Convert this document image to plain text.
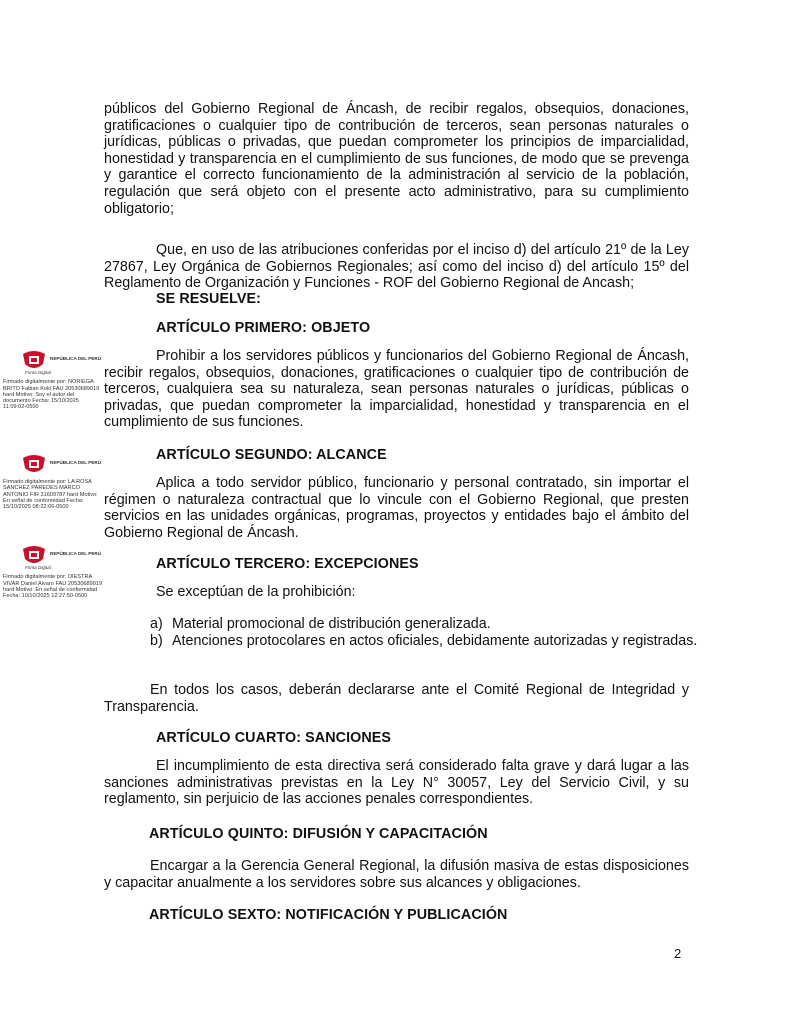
públicos del Gobierno Regional de Áncash, de recibir regalos, obsequios, donaciones, gratificaciones o cualquier tipo de contribución de terceros, sean personas naturales o jurídicas, públicas o privadas, que puedan comprometer los principios de imparcialidad, honestidad y transparencia en el cumplimiento de sus funciones, de modo que se prevenga y garantice el correcto funcionamiento de la administración al servicio de la población, regulación que será objeto con el presente acto administrativo, para su cumplimiento obligatorio;

Que, en uso de las atribuciones conferidas por el inciso d) del artículo 21º de la Ley 27867, Ley Orgánica de Gobiernos Regionales; así como del inciso d) del artículo 15º del Reglamento de Organización y Funciones - ROF del Gobierno Regional de Ancash;

SE RESUELVE:
ARTÍCULO PRIMERO: OBJETO

Prohibir a los servidores públicos y funcionarios del Gobierno Regional de Áncash, recibir regalos, obsequios, donaciones, gratificaciones o cualquier tipo de contribución de terceros, cualquiera sea su naturaleza, sean personas naturales o jurídicas, públicas o privadas, que puedan comprometer la imparcialidad, honestidad y transparencia en el cumplimiento de sus funciones.

ARTÍCULO SEGUNDO: ALCANCE

Aplica a todo servidor público, funcionario y personal contratado, sin importar el régimen o naturaleza contractual que lo vincule con el Gobierno Regional, que presten servicios en las unidades orgánicas, programas, proyectos y entidades bajo el ámbito del Gobierno Regional de Áncash.

ARTÍCULO TERCERO: EXCEPCIONES

Se exceptúan de la prohibición:

a) Material promocional de distribución generalizada.
b) Atenciones protocolares en actos oficiales, debidamente autorizadas y registradas.

En todos los casos, deberán declararse ante el Comité Regional de Integridad y Transparencia.

ARTÍCULO CUARTO: SANCIONES

El incumplimiento de esta directiva será considerado falta grave y dará lugar a las sanciones administrativas previstas en la Ley N° 30057, Ley del Servicio Civil, y su reglamento, sin perjuicio de las acciones penales correspondientes.

ARTÍCULO QUINTO: DIFUSIÓN Y CAPACITACIÓN

Encargar a la Gerencia General Regional, la difusión masiva de estas disposiciones y capacitar anualmente a los servidores sobre sus alcances y obligaciones.

ARTÍCULO SEXTO: NOTIFICACIÓN Y PUBLICACIÓN
2
REPÚBLICA DEL PERÚ
Firma Digital
Firmado digitalmente por: NORIEGA BRITO Fabian Koki FAU 20530689019 hard Motivo: Soy el autor del documento Fecha: 15/10/2025 11:09:02-0500
REPÚBLICA DEL PERÚ
Firmado digitalmente por: LA ROSA SANCHEZ PAREDES MARCO ANTONIO FIR 31609787 hard Motivo: En señal de conformidad Fecha: 15/10/2025 08:22:06-0500
REPÚBLICA DEL PERÚ
Firma Digital
Firmado digitalmente por: DIESTRA VIVAR Daniel Alvaro FAU 20530689019 hard Motivo: En señal de conformidad Fecha: 10/10/2025 12:27:50-0500
